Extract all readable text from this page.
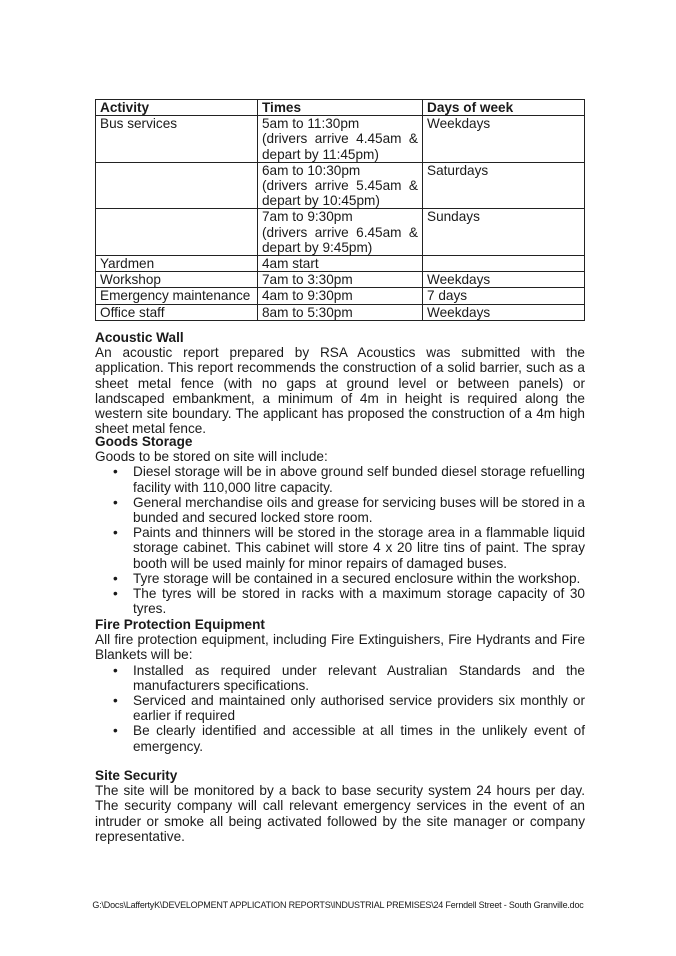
Activity	Times	Days of week
Bus services	5am to 11:30pm
(drivers arrive 4.45am &
depart by 11:45pm)	Weekdays

	6am to 10:30pm
(drivers arrive 5.45am &
depart by 10:45pm)	Saturdays

	7am to 9:30pm
(drivers arrive 6.45am &
depart by 9:45pm)	Sundays
Yardmen	4am start	
Workshop	7am to 3:30pm	Weekdays
Emergency maintenance	4am to 9:30pm	7 days
Office staff	8am to 5:30pm	Weekdays
Acoustic Wall

An acoustic report prepared by RSA Acoustics was submitted with the application. This report recommends the construction of a solid barrier, such as a sheet metal fence (with no gaps at ground level or between panels) or landscaped embankment, a minimum of 4m in height is required along the western site boundary. The applicant has proposed the construction of a 4m high sheet metal fence.

Goods Storage

Goods to be stored on site will include:

• Diesel storage will be in above ground self bunded diesel storage refuelling facility with 110,000 litre capacity.
• General merchandise oils and grease for servicing buses will be stored in a bunded and secured locked store room.
• Paints and thinners will be stored in the storage area in a flammable liquid storage cabinet. This cabinet will store 4 x 20 litre tins of paint. The spray booth will be used mainly for minor repairs of damaged buses.
• Tyre storage will be contained in a secured enclosure within the workshop.
• The tyres will be stored in racks with a maximum storage capacity of 30 tyres.
Fire Protection Equipment

All fire protection equipment, including Fire Extinguishers, Fire Hydrants and Fire Blankets will be:

• Installed as required under relevant Australian Standards and the manufacturers specifications.
• Serviced and maintained only authorised service providers six monthly or earlier if required
• Be clearly identified and accessible at all times in the unlikely event of emergency.
Site Security

The site will be monitored by a back to base security system 24 hours per day. The security company will call relevant emergency services in the event of an intruder or smoke all being activated followed by the site manager or company representative.

G:\Docs\LaffertyK\DEVELOPMENT APPLICATION REPORTS\INDUSTRIAL PREMISES\24 Ferndell Street - South Granville.doc
